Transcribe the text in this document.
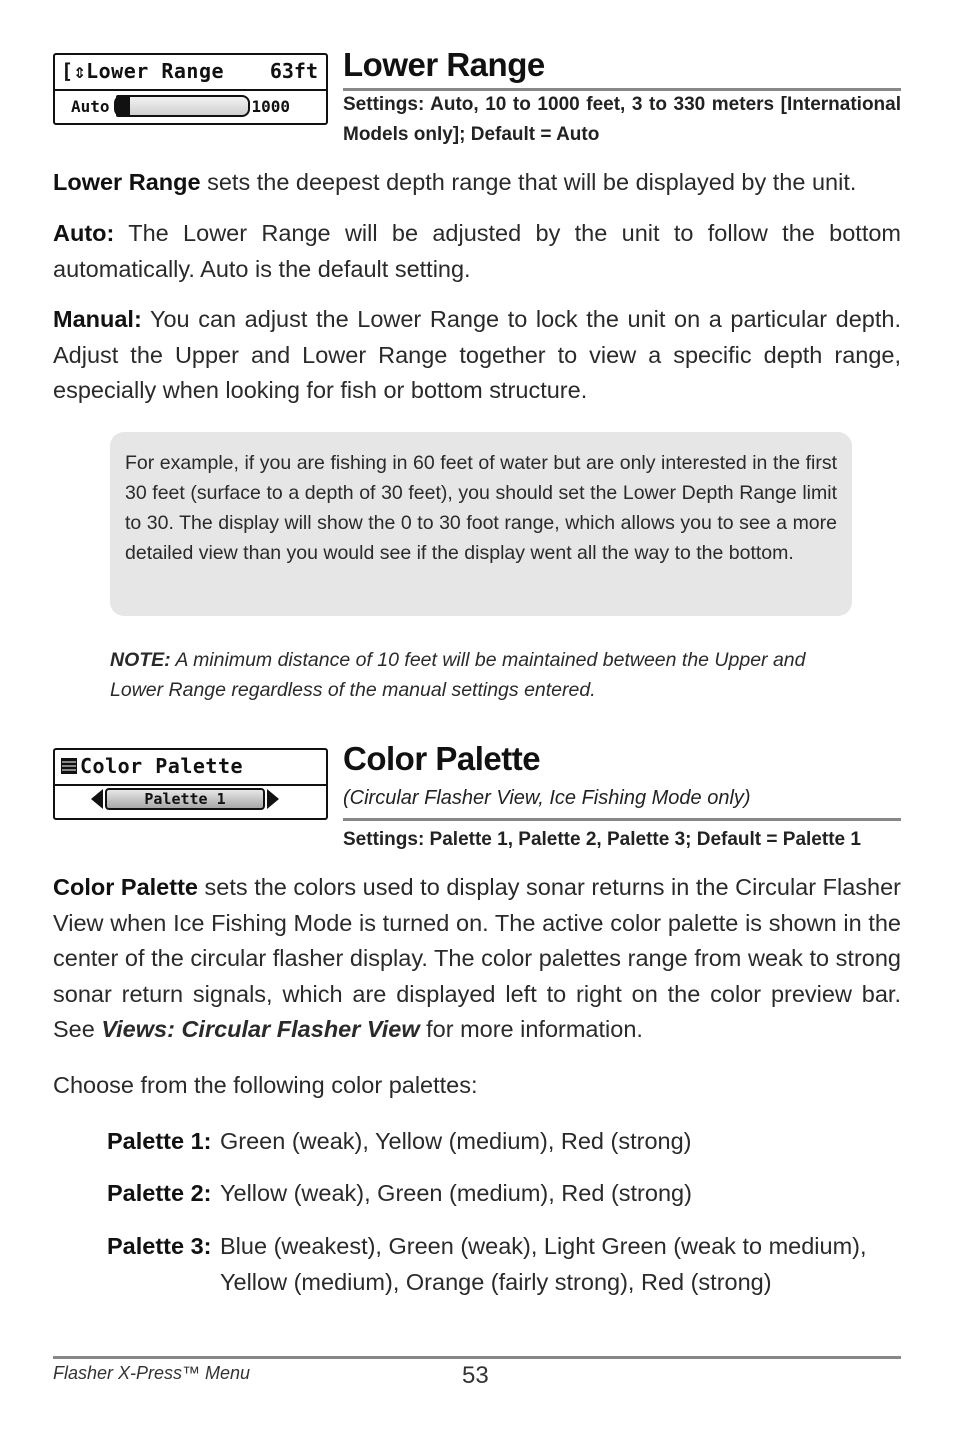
[⇕Lower Range 63ft
Auto	1000
Lower Range
Settings: Auto, 10 to 1000 feet, 3 to 330 meters [International Models only]; Default = Auto
Lower Range sets the deepest depth range that will be displayed by the unit.
Auto: The Lower Range will be adjusted by the unit to follow the bottom automatically. Auto is the default setting.
Manual: You can adjust the Lower Range to lock the unit on a particular depth. Adjust the Upper and Lower Range together to view a specific depth range, especially when looking for fish or bottom structure.
For example, if you are fishing in 60 feet of water but are only interested in the first 30 feet (surface to a depth of 30 feet), you should set the Lower Depth Range limit to 30. The display will show the 0 to 30 foot range, which allows you to see a more detailed view than you would see if the display went all the way to the bottom.
NOTE: A minimum distance of 10 feet will be maintained between the Upper and Lower Range regardless of the manual settings entered.
Color Palette
Palette 1
Color Palette
(Circular Flasher View, Ice Fishing Mode only)
Settings: Palette 1, Palette 2, Palette 3; Default = Palette 1
Color Palette sets the colors used to display sonar returns in the Circular Flasher View when Ice Fishing Mode is turned on. The active color palette is shown in the center of the circular flasher display. The color palettes range from weak to strong sonar return signals, which are displayed left to right on the color preview bar. See Views: Circular Flasher View for more information.
Choose from the following color palettes:
Palette 1: Green (weak), Yellow (medium), Red (strong)
Palette 2: Yellow (weak), Green (medium), Red (strong)
Palette 3: Blue (weakest), Green (weak), Light Green (weak to medium), Yellow (medium), Orange (fairly strong), Red (strong)
Flasher X-Press™ Menu	53
